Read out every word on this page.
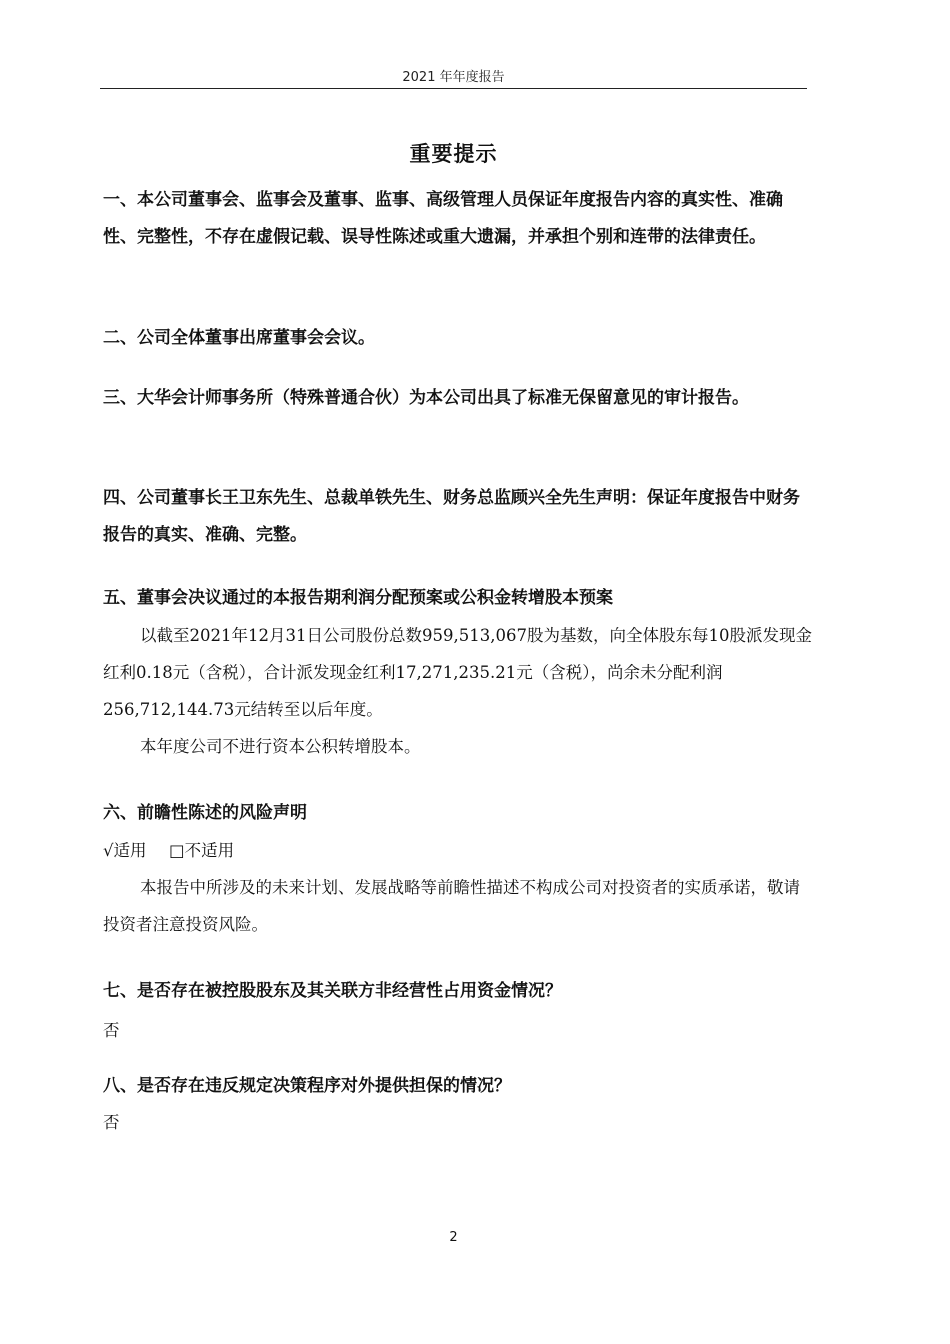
2021 年年度报告
重要提示
一、本公司董事会、监事会及董事、监事、高级管理人员保证年度报告内容的真实性、准确性、完整性，不存在虚假记载、误导性陈述或重大遗漏，并承担个别和连带的法律责任。
二、公司全体董事出席董事会会议。
三、大华会计师事务所（特殊普通合伙）为本公司出具了标准无保留意见的审计报告。
四、公司董事长王卫东先生、总裁单铁先生、财务总监顾兴全先生声明：保证年度报告中财务报告的真实、准确、完整。
五、董事会决议通过的本报告期利润分配预案或公积金转增股本预案
以截至2021年12月31日公司股份总数959,513,067股为基数，向全体股东每10股派发现金红利0.18元（含税），合计派发现金红利17,271,235.21元（含税），尚余未分配利润256,712,144.73元结转至以后年度。
本年度公司不进行资本公积转增股本。
六、前瞻性陈述的风险声明
√适用 □不适用
本报告中所涉及的未来计划、发展战略等前瞻性描述不构成公司对投资者的实质承诺，敬请投资者注意投资风险。
七、是否存在被控股股东及其关联方非经营性占用资金情况？
否
八、是否存在违反规定决策程序对外提供担保的情况？
否
2
